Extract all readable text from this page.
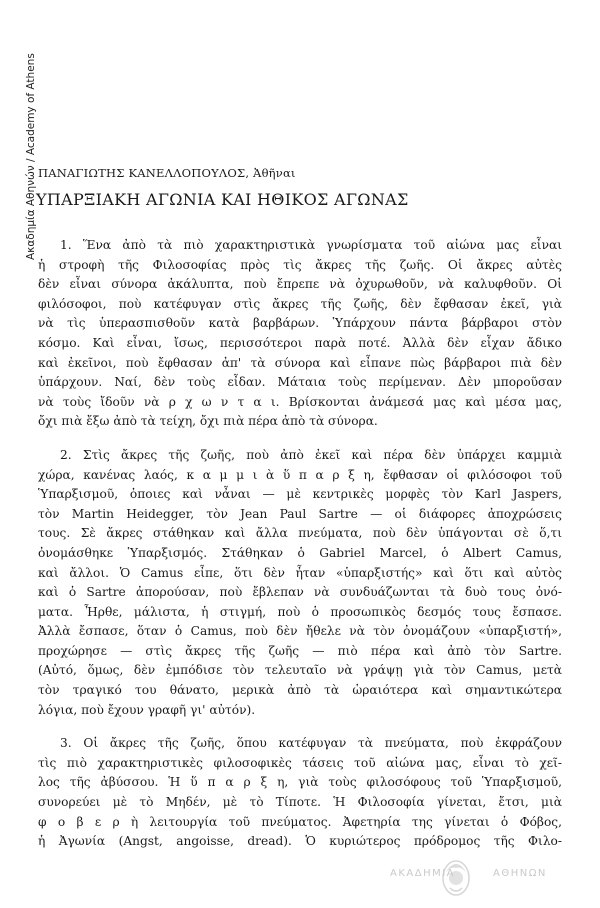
Ακαδημία Αθηνών / Academy of Athens ΠΑΝΑΓΙΩΤΗΣ ΚΑΝΕΛΛΟΠΟΥΛΟΣ, Ἀθῆναι
ΥΠΑΡΞΙΑΚΗ ΑΓΩΝΙΑ ΚΑΙ ΗΘΙΚΟΣ ΑΓΩΝΑΣ
1. Ἕνα ἀπὸ τὰ πιὸ χαρακτηριστικὰ γνωρίσματα τοῦ αἰώνα μας εἶναι
ἡ στροφὴ τῆς Φιλοσοφίας πρὸς τὶς ἄκρες τῆς ζωῆς. Οἱ ἄκρες αὐτὲς
δὲν εἶναι σύνορα ἀκάλυπτα, ποὺ ἔπρεπε νὰ ὀχυρωθοῦν, νὰ καλυφθοῦν. Οἱ
φιλόσοφοι, ποὺ κατέφυγαν στὶς ἄκρες τῆς ζωῆς, δὲν ἔφθασαν ἐκεῖ, γιὰ
νὰ τὶς ὑπερασπισθοῦν κατὰ βαρβάρων. Ὑπάρχουν πάντα βάρβαροι στὸν
κόσμο. Καὶ εἶναι, ἴσως, περισσότεροι παρὰ ποτέ. Ἀλλὰ δὲν εἶχαν ἄδικο
καὶ ἐκεῖνοι, ποὺ ἔφθασαν ἀπ' τὰ σύνορα καὶ εἶπανε πὼς βάρβαροι πιὰ δὲν
ὑπάρχουν. Ναί, δὲν τοὺς εἶδαν. Μάταια τοὺς περίμεναν. Δὲν μποροῦσαν
νὰ τοὺς ἴδοῦν νὰ ρ χ ω ν τ α ι. Βρίσκονται ἀνάμεσά μας καὶ μέσα μας,
ὄχι πιὰ ἔξω ἀπὸ τὰ τείχη, ὄχι πιὰ πέρα ἀπὸ τὰ σύνορα.
2. Στὶς ἄκρες τῆς ζωῆς, ποὺ ἀπὸ ἐκεῖ καὶ πέρα δὲν ὑπάρχει καμμιὰ
χώρα, κανένας λαός, κ α μ μ ι ὰ ὕ π α ρ ξ η, ἔφθασαν οἱ φιλόσοφοι τοῦ
Ὑπαρξισμοῦ, ὁποιες καὶ νἆναι — μὲ κεντρικὲς μορφὲς τὸν Karl Jaspers,
τὸν Martin Heidegger, τὸν Jean Paul Sartre — οἱ διάφορες ἀποχρώσεις
τους. Σὲ ἄκρες στάθηκαν καὶ ἄλλα πνεύματα, ποὺ δὲν ὑπάγονται σὲ ὅ,τι
ὀνομάσθηκε Ὑπαρξισμός. Στάθηκαν ὁ Gabriel Marcel, ὁ Albert Camus,
καὶ ἄλλοι. Ὁ Camus εἶπε, ὅτι δὲν ἦταν «ὑπαρξιστής» καὶ ὅτι καὶ αὐτὸς
καὶ ὁ Sartre ἀπορούσαν, ποὺ ἔβλεπαν νὰ συνδυάζωνται τὰ δυὸ τους ὀνό-
ματα. Ἦρθε, μάλιστα, ἡ στιγμή, ποὺ ὁ προσωπικὸς δεσμός τους ἔσπασε.
Ἀλλὰ ἔσπασε, ὅταν ὁ Camus, ποὺ δὲν ἤθελε νὰ τὸν ὀνομάζουν «ὑπαρξιστή»,
προχώρησε — στὶς ἄκρες τῆς ζωῆς — πιὸ πέρα καὶ ἀπὸ τὸν Sartre.
(Αὐτό, ὅμως, δὲν ἐμπόδισε τὸν τελευταῖο νὰ γράψῃ γιὰ τὸν Camus, μετὰ
τὸν τραγικό του θάνατο, μερικὰ ἀπὸ τὰ ὡραιότερα καὶ σημαντικώτερα
λόγια, ποὺ ἔχουν γραφῆ γι' αὐτόν).
3. Οἱ ἄκρες τῆς ζωῆς, ὅπου κατέφυγαν τὰ πνεύματα, ποὺ ἐκφράζουν
τὶς πιὸ χαρακτηριστικὲς φιλοσοφικὲς τάσεις τοῦ αἰώνα μας, εἶναι τὸ χεῖ-
λος τῆς ἀβύσσου. Ἡ ὕ π α ρ ξ η, γιὰ τοὺς φιλοσόφους τοῦ Ὑπαρξισμοῦ,
συνορεύει μὲ τὸ Μηδέν, μὲ τὸ Τίποτε. Ἡ Φιλοσοφία γίνεται, ἔτσι, μιὰ
φ ο β ε ρ ὴ λειτουργία τοῦ πνεύματος. Ἀφετηρία της γίνεται ὁ Φόβος,
ἡ Ἀγωνία (Angst, angoisse, dread). Ὁ κυριώτερος πρόδρομος τῆς Φιλο-
ΑΚΑΔΗΜΙΑ	ΑΘΗΝΩΝ
